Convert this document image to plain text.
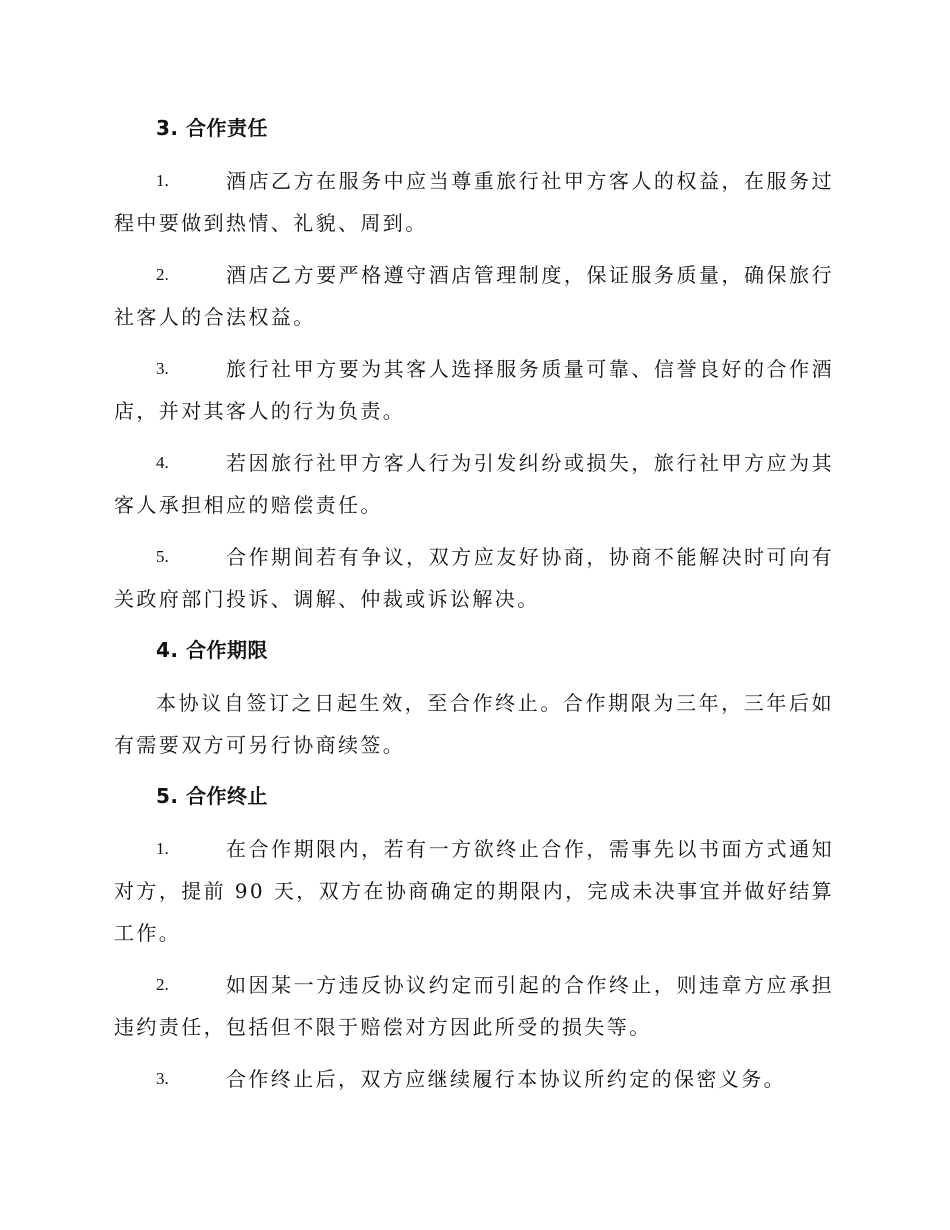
3. 合作责任
1.	酒店乙方在服务中应当尊重旅行社甲方客人的权益，在服务过程中要做到热情、礼貌、周到。
2.	酒店乙方要严格遵守酒店管理制度，保证服务质量，确保旅行社客人的合法权益。
3.	旅行社甲方要为其客人选择服务质量可靠、信誉良好的合作酒店，并对其客人的行为负责。
4.	若因旅行社甲方客人行为引发纠纷或损失，旅行社甲方应为其客人承担相应的赔偿责任。
5.	合作期间若有争议，双方应友好协商，协商不能解决时可向有关政府部门投诉、调解、仲裁或诉讼解决。
4. 合作期限
本协议自签订之日起生效，至合作终止。合作期限为三年，三年后如有需要双方可另行协商续签。
5. 合作终止
1.	在合作期限内，若有一方欲终止合作，需事先以书面方式通知对方，提前 90 天，双方在协商确定的期限内，完成未决事宜并做好结算工作。
2.	如因某一方违反协议约定而引起的合作终止，则违章方应承担违约责任，包括但不限于赔偿对方因此所受的损失等。
3.	合作终止后，双方应继续履行本协议所约定的保密义务。
